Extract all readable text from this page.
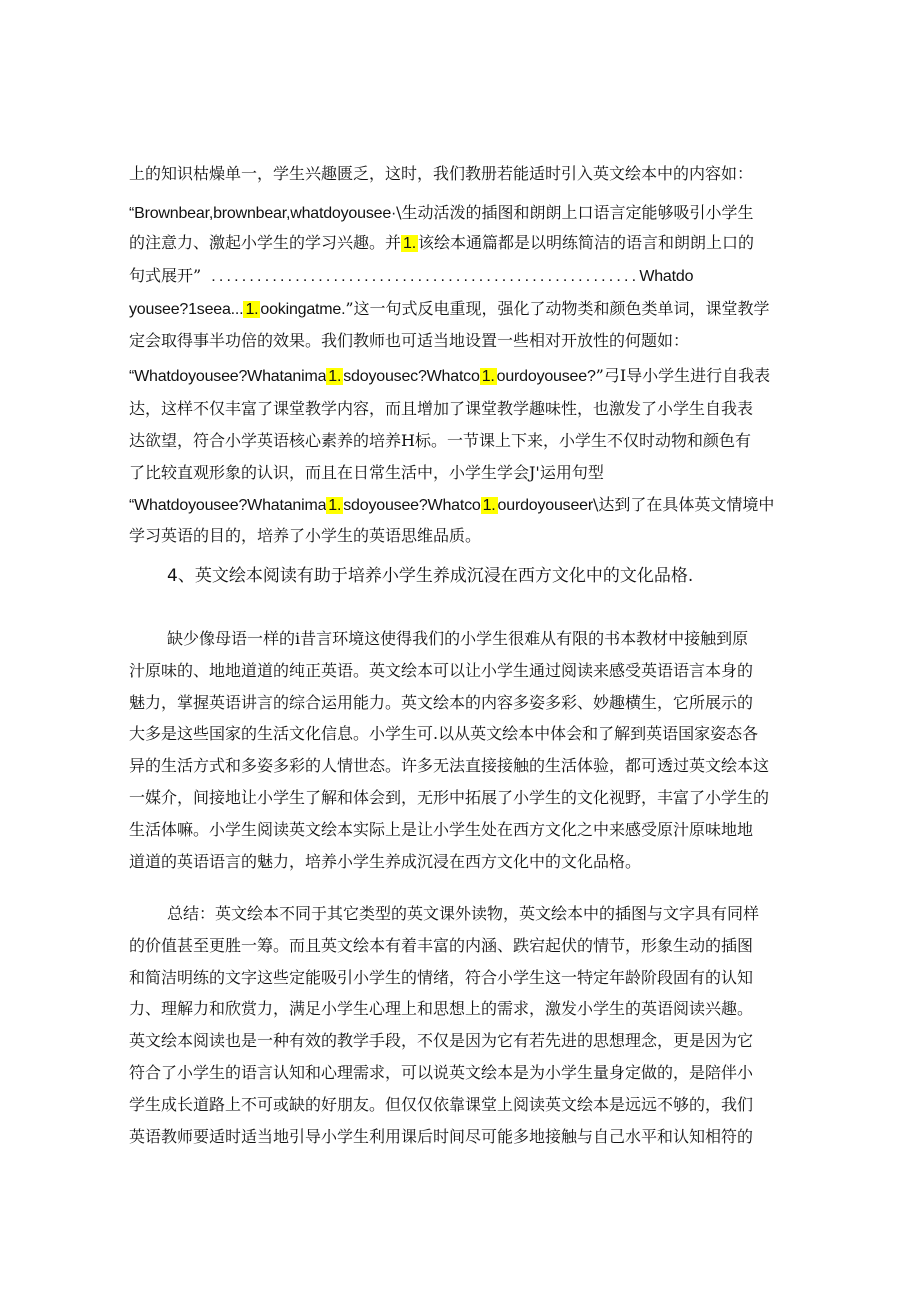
上的知识枯燥单一，学生兴趣匮乏，这时，我们教册若能适时引入英文绘本中的内容如：
“Brownbear,brownbear,whatdoyousee·\生动活泼的插图和朗朗上口语言定能够吸引小学生
的注意力、激起小学生的学习兴趣。并 1. 该绘本通篇都是以明练简洁的语言和朗朗上口的
句式展开” ........................................................Whatdo
yousee?1seea... 1. ookingatme.”这一句式反电重现，强化了动物类和颜色类单词，课堂教学
定会取得事半功倍的效果。我们教师也可适当地设置一些相对开放性的何题如：
“Whatdoyousee?Whatanima 1. sdoyousec?Whatco 1. ourdoyousee?”弓I导小学生进行自我表
达，这样不仅丰富了课堂教学内容，而且增加了课堂教学趣味性，也激发了小学生自我表
达欲望，符合小学英语核心素养的培养H标。一节课上下来，小学生不仅时动物和颜色有
了比较直观形象的认识，而且在日常生活中，小学生学会J'运用句型
“Whatdoyousee?Whatanima 1. sdoyousee?Whatco 1. ourdoyouseer\达到了在具体英文情境中
学习英语的目的，培养了小学生的英语思维品质。
4、英文绘本阅读有助于培养小学生养成沉浸在西方文化中的文化品格.
缺少像母语一样的i昔言环境这使得我们的小学生很难从有限的书本教材中接触到原
汁原味的、地地道道的纯正英语。英文绘本可以让小学生通过阅读来感受英语语言本身的
魅力，掌握英语讲言的综合运用能力。英文绘本的内容多姿多彩、妙趣横生，它所展示的
大多是这些国家的生活文化信息。小学生可.以从英文绘本中体会和了解到英语国家姿态各
异的生活方式和多姿多彩的人情世态。许多无法直接接触的生活体验，都可透过英文绘本这
一媒介，间接地让小学生了解和体会到，无形中拓展了小学生的文化视野，丰富了小学生的
生活体嘛。小学生阅读英文绘本实际上是让小学生处在西方文化之中来感受原汁原味地地
道道的英语语言的魅力，培养小学生养成沉浸在西方文化中的文化品格。
总结：英文绘本不同于其它类型的英文课外读物，英文绘本中的插图与文字具有同样
的价值甚至更胜一筹。而且英文绘本有着丰富的内涵、跌宕起伏的情节，形象生动的插图
和简洁明练的文字这些定能吸引小学生的情绪，符合小学生这一特定年龄阶段固有的认知
力、理解力和欣赏力，满足小学生心理上和思想上的需求，激发小学生的英语阅读兴趣。
英文绘本阅读也是一种有效的教学手段，不仅是因为它有若先进的思想理念，更是因为它
符合了小学生的语言认知和心理需求，可以说英文绘本是为小学生量身定做的，是陪伴小
学生成长道路上不可或缺的好朋友。但仅仅依靠课堂上阅读英文绘本是远远不够的，我们
英语教师要适时适当地引导小学生利用课后时间尽可能多地接触与自己水平和认知相符的
